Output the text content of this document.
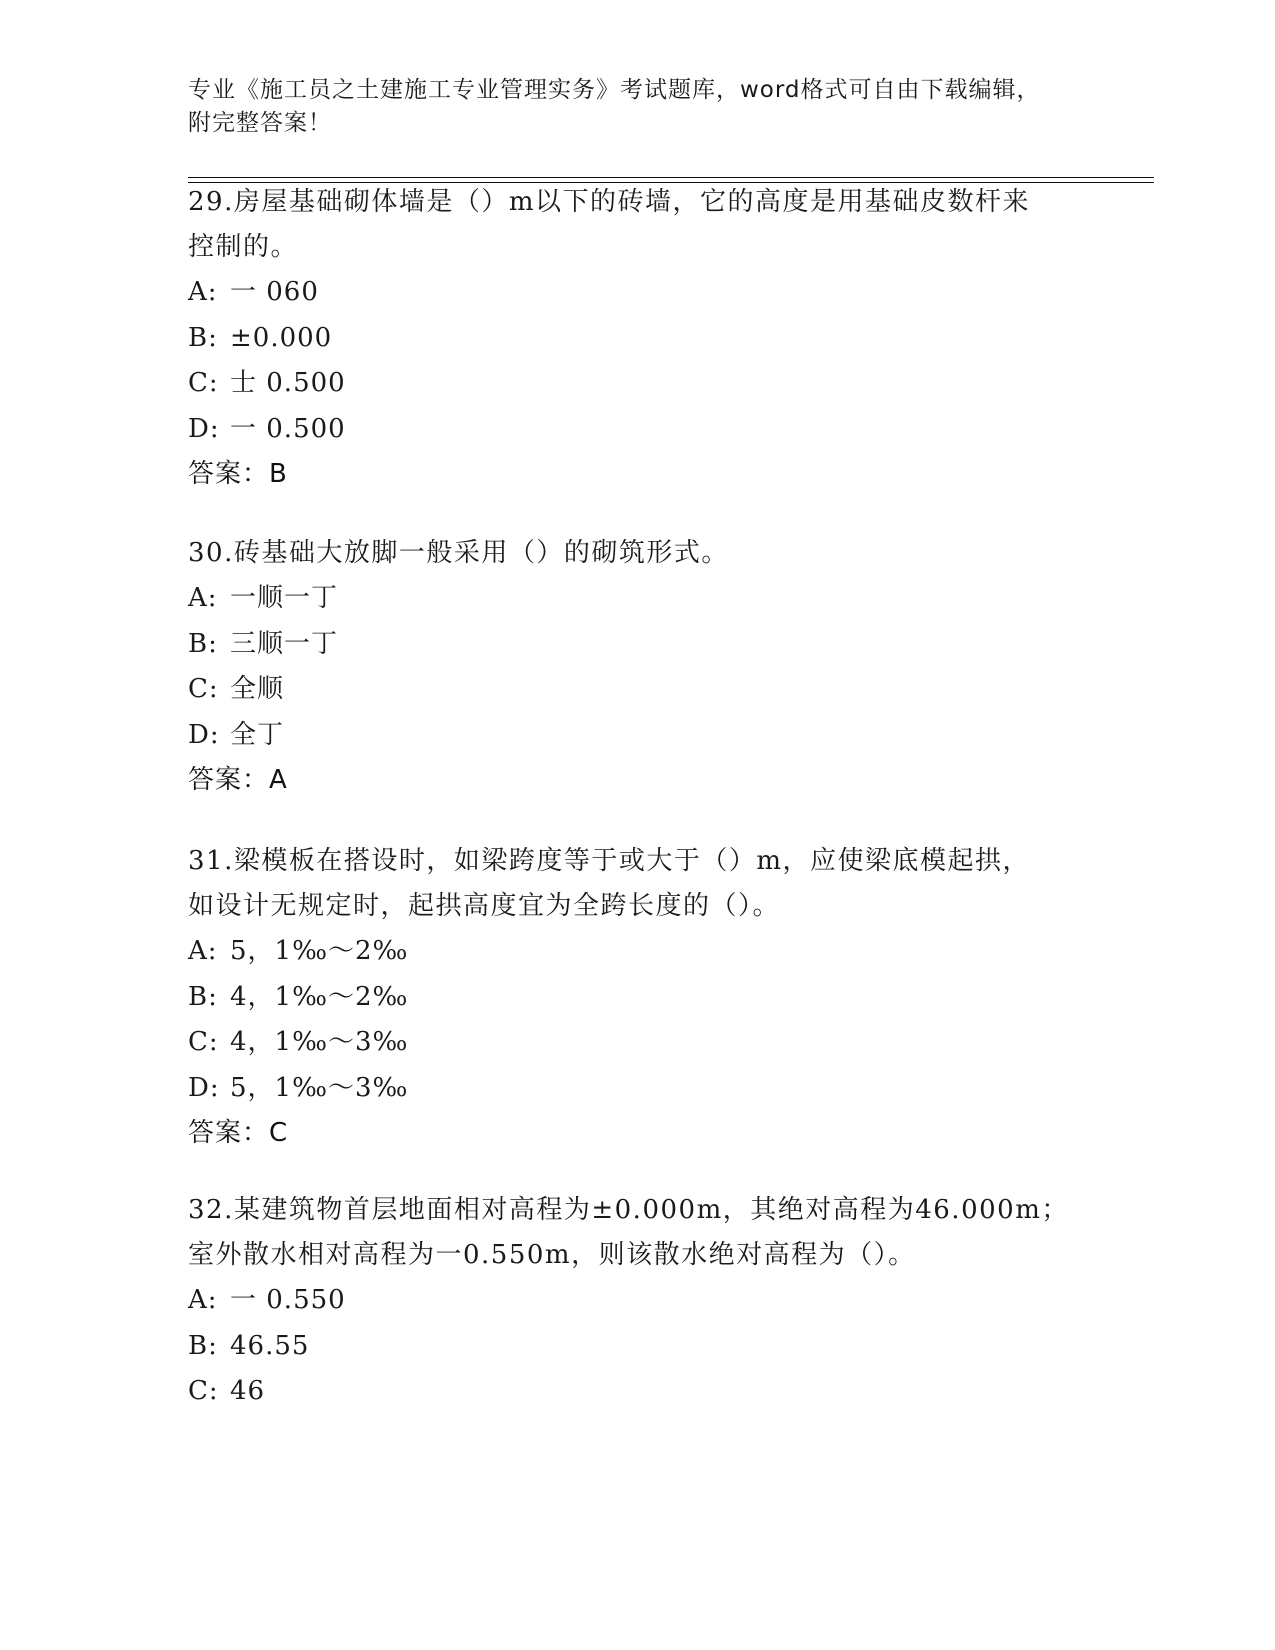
专业《施工员之土建施工专业管理实务》考试题库，word格式可自由下载编辑，
附完整答案！
29.房屋基础砌体墙是（）m以下的砖墙，它的高度是用基础皮数杆来
控制的。
A: 一 060
B: ±0.000
C: 士 0.500
D: 一 0.500
答案：B
30.砖基础大放脚一般采用（）的砌筑形式。
A: 一顺一丁
B: 三顺一丁
C: 全顺
D: 全丁
答案：A
31.梁模板在搭设时，如梁跨度等于或大于（）m，应使梁底模起拱，
如设计无规定时，起拱高度宜为全跨长度的（）。
A: 5，1‰～2‰
B: 4，1‰～2‰
C: 4，1‰～3‰
D: 5，1‰～3‰
答案：C
32.某建筑物首层地面相对高程为±0.000m，其绝对高程为46.000m；
室外散水相对高程为一0.550m，则该散水绝对高程为（）。
A: 一 0.550
B: 46.55
C: 46
